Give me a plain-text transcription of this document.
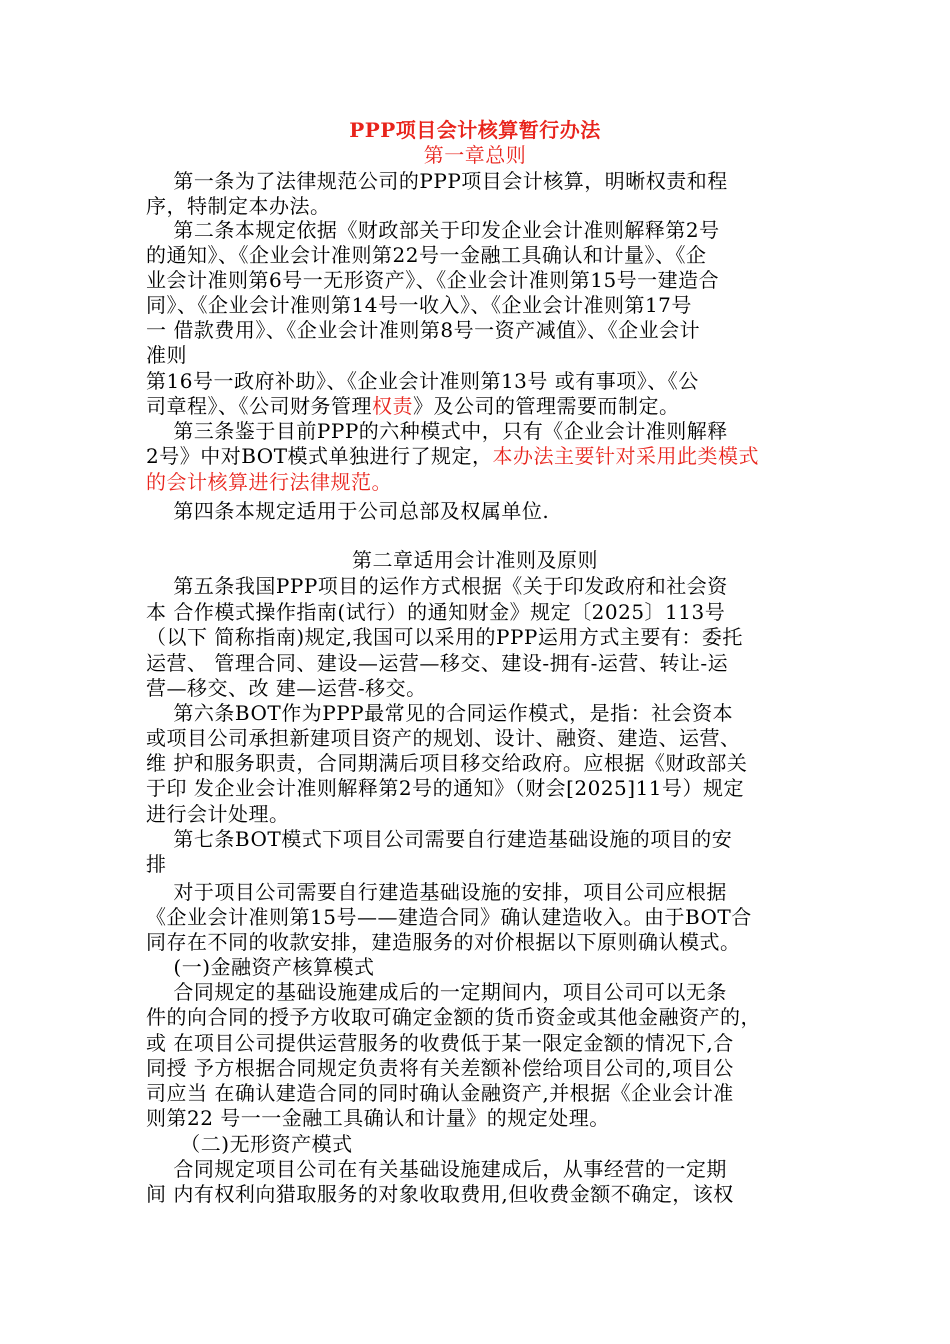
PPP项目会计核算暂行办法
第一章总则
第一条为了法律规范公司的PPP项目会计核算，明晰权责和程
序，特制定本办法。
第二条本规定依据《财政部关于印发企业会计准则解释第2号
的通知》、《企业会计准则第22号一金融工具确认和计量》、《企
业会计准则第6号一无形资产》、《企业会计准则第15号一建造合
同》、《企业会计准则第14号一收入》、《企业会计准则第17号
一 借款费用》、《企业会计准则第8号一资产减值》、《企业会计
准则
第16号一政府补助》、《企业会计准则第13号 或有事项》、《公
司章程》、《公司财务管理权责》及公司的管理需要而制定。
第三条鉴于目前PPP的六种模式中，只有《企业会计准则解释
2号》中对BOT模式单独进行了规定，本办法主要针对采用此类模式
的会计核算进行法律规范。
第四条本规定适用于公司总部及权属单位.
第二章适用会计准则及原则
第五条我国PPP项目的运作方式根据《关于印发政府和社会资
本 合作模式操作指南(试行）的通知财金》规定〔2025〕113号
（以下 简称指南)规定,我国可以采用的PPP运用方式主要有：委托
运营、 管理合同、建设—运营—移交、建设-拥有-运营、转让-运
营—移交、改 建—运营-移交。
第六条BOT作为PPP最常见的合同运作模式，是指：社会资本
或项目公司承担新建项目资产的规划、设计、融资、建造、运营、
维 护和服务职责，合同期满后项目移交给政府。应根据《财政部关
于印 发企业会计准则解释第2号的通知》（财会[2025]11号）规定
进行会计处理。
第七条BOT模式下项目公司需要自行建造基础设施的项目的安
排
对于项目公司需要自行建造基础设施的安排，项目公司应根据
《企业会计准则第15号——建造合同》确认建造收入。由于BOT合
同存在不同的收款安排，建造服务的对价根据以下原则确认模式。
(一)金融资产核算模式
合同规定的基础设施建成后的一定期间内，项目公司可以无条
件的向合同的授予方收取可确定金额的货币资金或其他金融资产的，
或 在项目公司提供运营服务的收费低于某一限定金额的情况下,合
同授 予方根据合同规定负责将有关差额补偿给项目公司的,项目公
司应当 在确认建造合同的同时确认金融资产,并根据《企业会计准
则第22 号一一金融工具确认和计量》的规定处理。
（二)无形资产模式
合同规定项目公司在有关基础设施建成后，从事经营的一定期
间 内有权利向猎取服务的对象收取费用,但收费金额不确定，该权
